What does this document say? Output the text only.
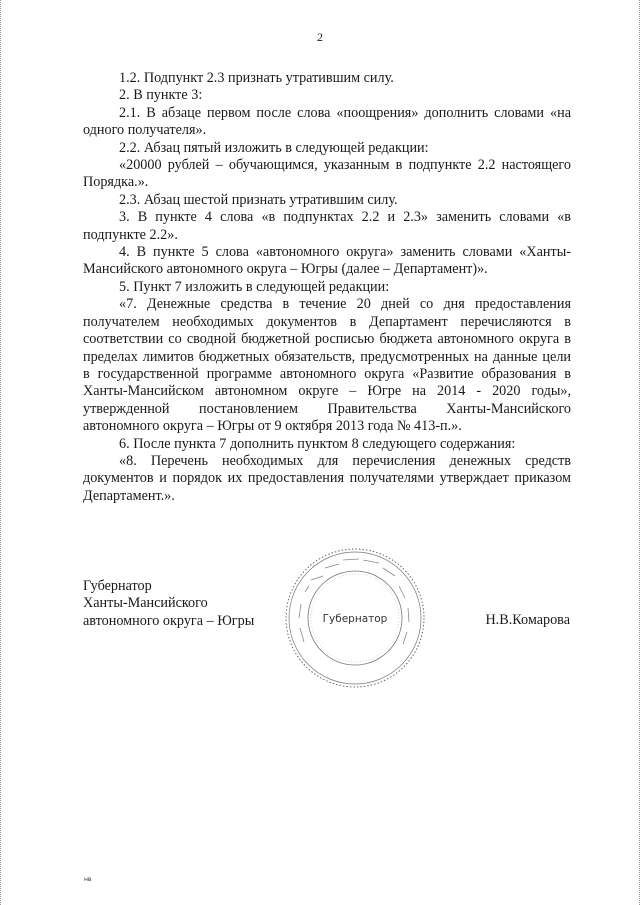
2

1.2. Подпункт 2.3 признать утратившим силу.

2. В пункте 3:

2.1. В абзаце первом после слова «поощрения» дополнить словами «на одного получателя».

2.2. Абзац пятый изложить в следующей редакции:

«20000 рублей – обучающимся, указанным в подпункте 2.2 настоящего Порядка.».

2.3. Абзац шестой признать утратившим силу.

3. В пункте 4 слова «в подпунктах 2.2 и 2.3» заменить словами «в подпункте 2.2».

4. В пункте 5 слова «автономного округа» заменить словами «Ханты-Мансийского автономного округа – Югры (далее – Департамент)».

5. Пункт 7 изложить в следующей редакции:

«7. Денежные средства в течение 20 дней со дня предоставления получателем необходимых документов в Департамент перечисляются в соответствии со сводной бюджетной росписью бюджета автономного округа в пределах лимитов бюджетных обязательств, предусмотренных на данные цели в государственной программе автономного округа «Развитие образования в Ханты-Мансийском автономном округе – Югре на 2014 - 2020 годы», утвержденной постановлением Правительства Ханты-Мансийского автономного округа – Югры от 9 октября 2013 года № 413-п.».

6. После пункта 7 дополнить пунктом 8 следующего содержания:

«8. Перечень необходимых для перечисления денежных средств документов и порядок их предоставления получателями утверждает приказом Департамент.».

Губернатор
Ханты-Мансийского
автономного округа – Югры	Губернатор	Н.В.Комарова
нв
